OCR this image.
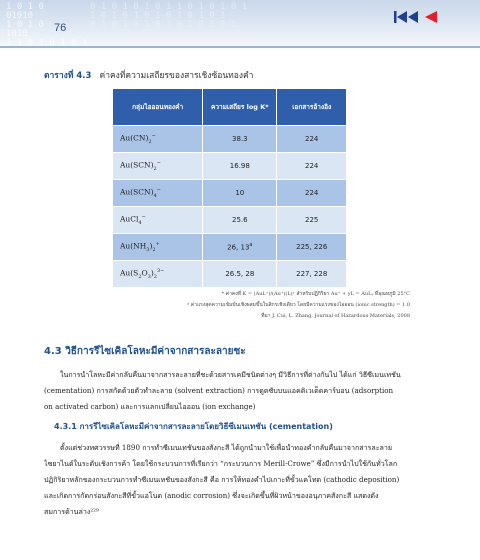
1 0 1 0
01010
1 0 1 0
1010
1 1 0 1 0 1 0 1
0 1 0 1 0 1 0 1 1 0 1 0 1 0 1
1 0 1 0 1 0 1 0 1 0 1 0 1
0 1 0 1 0 1 0 1 0 1 0 1 0 1
76
ตารางที่ 4.3 ค่าคงที่ความเสถียรของสารเชิงซ้อนทองคำ
กลุ่มไอออนทองคำ	ความเสถียร log K*	เอกสารอ้างอิง
$Au(CN)_2^-$	38.3	224
$Au(SCN)_2^-$	16.98	224
$Au(SCN)_4^-$	10	224
AuCl$_4$−	25.6	225
$Au(NH_3)_2^+$	26, 13$^a$	225, 226
$Au(S_2O_3)_2^{3-}$	26.5, 28	227, 228
* ค่าคงที่ K = (AuL⁺)/(Au⁺)(L)ʸ สำหรับปฏิกิริยา Au⁺ + yL = AuLᵧ ที่อุณหภูมิ 25°C
ᵃ ค่าแรงสุดความเข้มข้นเชิงผสมขึ้นในสิกรเชิงเดียว โดยมีความแรงของไอออน (ionic strength) = 1.0
ที่มา J. Cui, L. Zhang, Journal of Hazardous Materials, 2008
4.3 วิธีการรีไซเคิลโลหะมีค่าจากสารละลายชะ
ในการนำโลหะมีค่ากลับคืนมาจากสารละลายที่ชะด้วยสารเคมีชนิดต่างๆ มีวิธีการที่ต่างกันไป ได้แก่ วิธีซีเมนเทชัน
(cementation) การสกัดด้วยตัวทำละลาย (solvent extraction) การดูดซับบนแอคติเวเต็ดคาร์บอน (adsorption
on activated carbon) และการแลกเปลี่ยนไอออน (ion exchange)
4.3.1 การรีไซเคิลโลหะมีค่าจากสารละลายโดยวิธีซีเมนเทชัน (cementation)
ตั้งแต่ช่วงทศวรรษที่ 1890 การทำซีเมนเทชันของสังกะสี ได้ถูกนำมาใช้เพื่อนำทองคำกลับคืนมาจากสารละลาย
ไซยาไนด์ในระดับเชิงการค้า โดยใช้กระบวนการที่เรียกว่า “กระบวนการ Merill-Crowe” ซึ่งมีการนำไปใช้กันทั่วโลก
ปฏิกิริยาหลักของกระบวนการทำซีเมนเทชันของสังกะสี คือ การให้ทองคำไปเกาะที่ขั้วแคโทด (cathodic deposition)
และเกิดการกัดกร่อนสังกะสีที่ขั้วแอโนด (anodic corrosion) ซึ่งจะเกิดขึ้นที่ผิวหน้าของอนุภาคสังกะสี แสดงดัง
สมการด้านล่าง²²⁹
